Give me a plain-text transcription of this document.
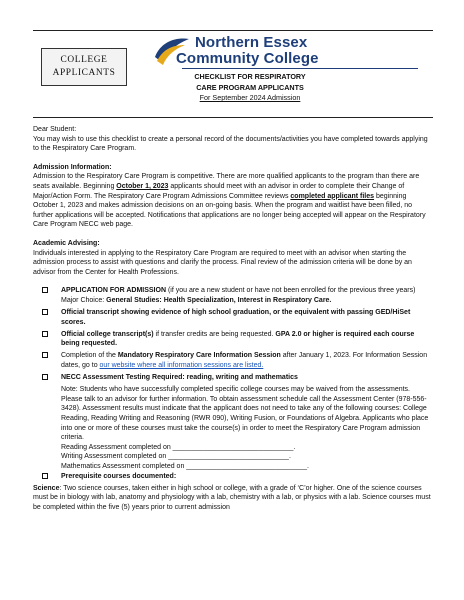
COLLEGE
APPLICANTS
Northern Essex
Community College
CHECKLIST FOR RESPIRATORY
CARE PROGRAM APPLICANTS
For September 2024 Admission

Dear Student:
You may wish to use this checklist to create a personal record of the documents/activities you have completed towards applying to the Respiratory Care Program.

Admission Information:
Admission to the Respiratory Care Program is competitive. There are more qualified applicants to the program than there are seats available. Beginning October 1, 2023 applicants should meet with an advisor in order to complete their Change of Major/Action Form. The Respiratory Care Program Admissions Committee reviews completed applicant files beginning October 1, 2023 and makes admission decisions on an on-going basis. When the program and waitlist have been filled, no further applications will be accepted. Notifications that applications are no longer being accepted will appear on the Respiratory Care Program NECC web page.

Academic Advising:
Individuals interested in applying to the Respiratory Care Program are required to meet with an advisor when starting the admission process to assist with questions and clarify the process. Final review of the admission criteria will be done by an advisor from the Center for Health Professions.

APPLICATION FOR ADMISSION (if you are a new student or have not been enrolled for the previous three years) Major Choice: General Studies: Health Specialization, Interest in Respiratory Care.
Official transcript showing evidence of high school graduation, or the equivalent with passing GED/HiSet scores.
Official college transcript(s) if transfer credits are being requested. GPA 2.0 or higher is required each course being requested.
Completion of the Mandatory Respiratory Care Information Session after January 1, 2023. For Information Session dates, go to our website where all information sessions are listed.
NECC Assessment Testing Required: reading, writing and mathematics
Note: Students who have successfully completed specific college courses may be waived from the assessments. Please talk to an advisor for further information. To obtain assessment schedule call the Assessment Center (978-556-3428). Assessment results must indicate that the applicant does not need to take any of the following courses: College Reading, Reading Writing and Reasoning (RWR 090), Writing Fusion, or Foundations of Algebra. Applicants who place into one or more of these courses must take the course(s) in order to meet the Respiratory Care Program admission criteria.
Reading Assessment completed on _______________________________.
Writing Assessment completed on _______________________________.
Mathematics Assessment completed on _______________________________.
Prerequisite courses documented:
Science: Two science courses, taken either in high school or college, with a grade of ‘C’or higher. One of the science courses must be in biology with lab, anatomy and physiology with a lab, chemistry with a lab, or physics with a lab. Science courses must be completed within the five (5) years prior to current admission
